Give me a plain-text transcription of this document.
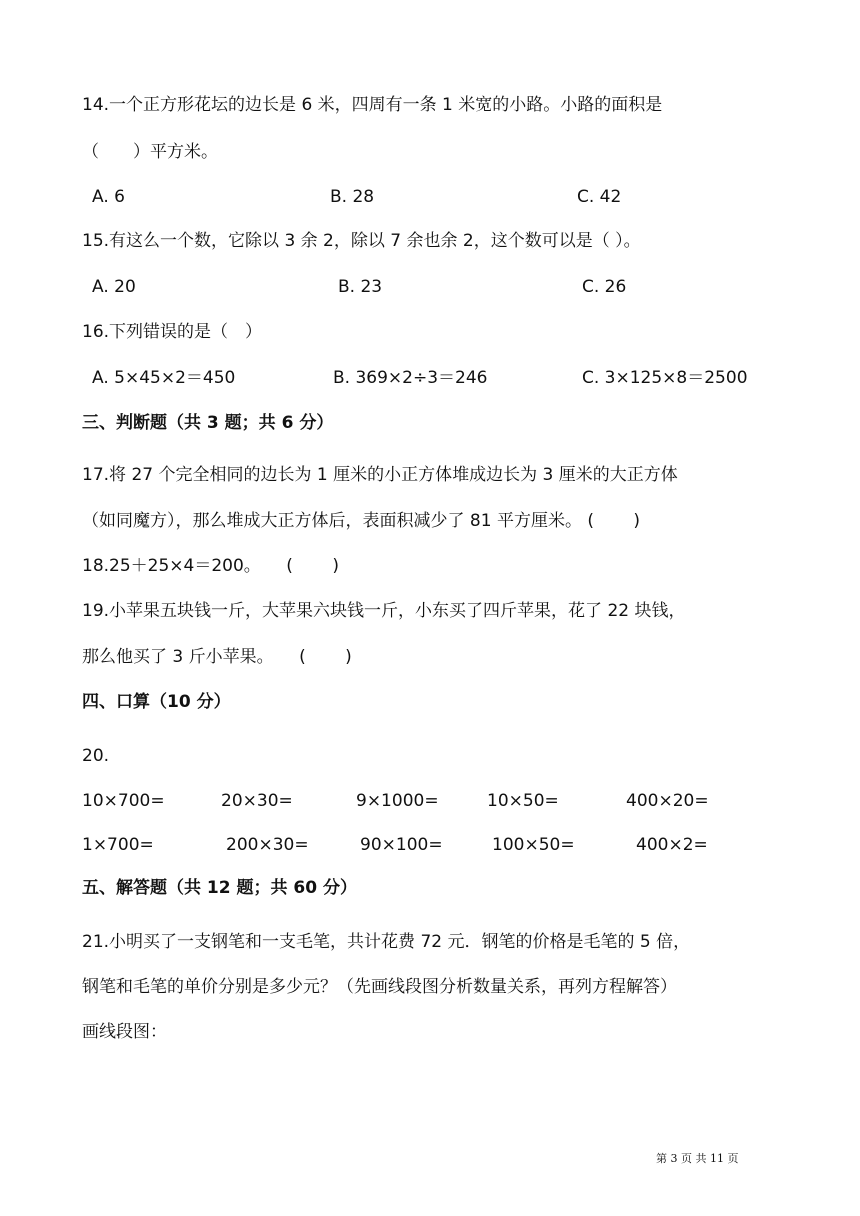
14.一个正方形花坛的边长是 6 米，四周有一条 1 米宽的小路。小路的面积是
（　　）平方米。
A. 6	B. 28	C. 42
15.有这么一个数，它除以 3 余 2，除以 7 余也余 2，这个数可以是（ ）。
A. 20	B. 23	C. 26
16.下列错误的是（　）
A. 5×45×2＝450	B. 369×2÷3＝246	C. 3×125×8＝2500
三、判断题（共 3 题；共 6 分）
17.将 27 个完全相同的边长为 1 厘米的小正方体堆成边长为 3 厘米的大正方体
（如同魔方），那么堆成大正方体后，表面积减少了 81 平方厘米。 (　　 )
18.25＋25×4＝200。　　(　　 )
19.小苹果五块钱一斤，大苹果六块钱一斤，小东买了四斤苹果，花了 22 块钱，
那么他买了 3 斤小苹果。　　(　　 )
四、口算（10 分）
20.
10×700=	20×30=	9×1000=	10×50=	400×20=
1×700=	200×30=	90×100=	100×50=	400×2=
五、解答题（共 12 题；共 60 分）
21.小明买了一支钢笔和一支毛笔，共计花费 72 元．钢笔的价格是毛笔的 5 倍，
钢笔和毛笔的单价分别是多少元？（先画线段图分析数量关系，再列方程解答）
画线段图：
第 3 页 共 11 页
